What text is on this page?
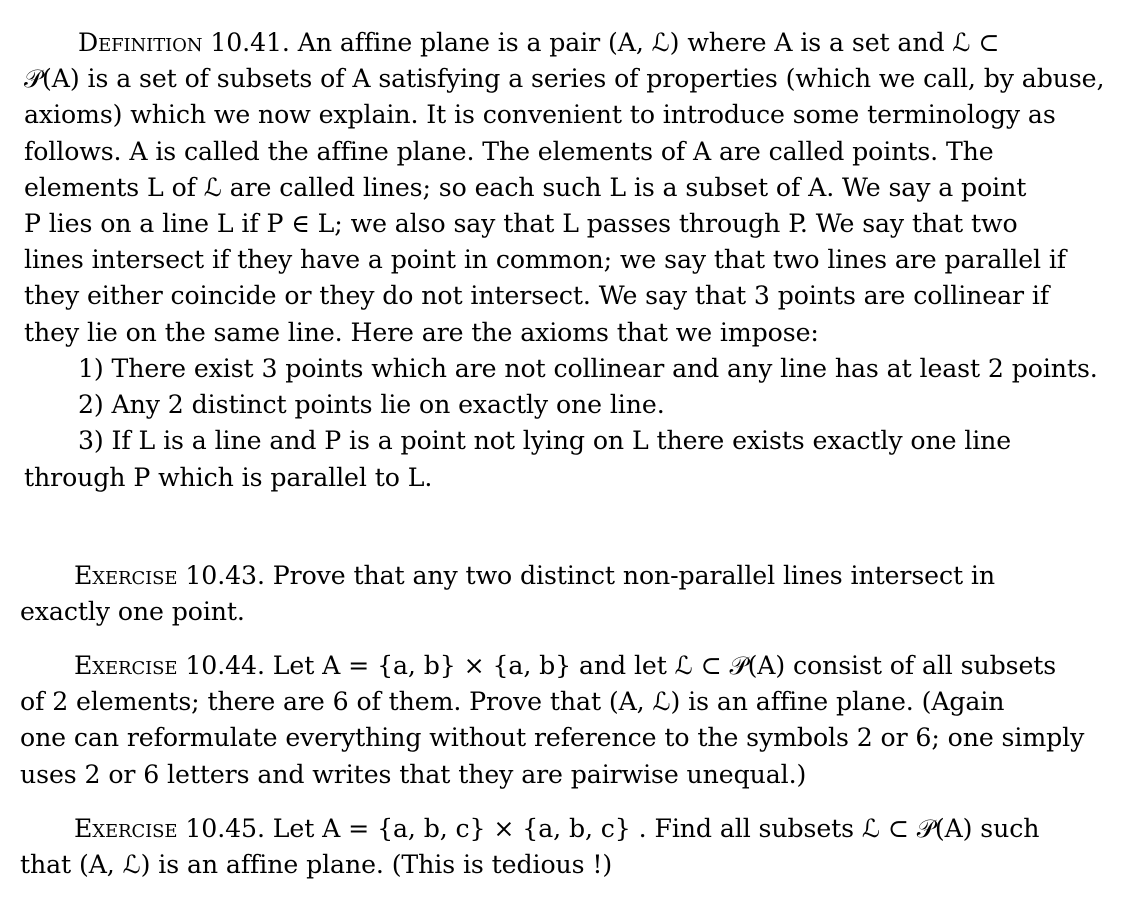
Definition 10.41. An affine plane is a pair (A, ℒ) where A is a set and ℒ ⊂
𝒫(A) is a set of subsets of A satisfying a series of properties (which we call, by abuse,
axioms) which we now explain. It is convenient to introduce some terminology as
follows. A is called the affine plane. The elements of A are called points. The
elements L of ℒ are called lines; so each such L is a subset of A. We say a point
P lies on a line L if P ∈ L; we also say that L passes through P. We say that two
lines intersect if they have a point in common; we say that two lines are parallel if
they either coincide or they do not intersect. We say that 3 points are collinear if
they lie on the same line. Here are the axioms that we impose:
1) There exist 3 points which are not collinear and any line has at least 2 points.
2) Any 2 distinct points lie on exactly one line.
3) If L is a line and P is a point not lying on L there exists exactly one line
through P which is parallel to L.
Exercise 10.43. Prove that any two distinct non-parallel lines intersect in
exactly one point.
Exercise 10.44. Let A = {a, b} × {a, b} and let ℒ ⊂ 𝒫(A) consist of all subsets
of 2 elements; there are 6 of them. Prove that (A, ℒ) is an affine plane. (Again
one can reformulate everything without reference to the symbols 2 or 6; one simply
uses 2 or 6 letters and writes that they are pairwise unequal.)
Exercise 10.45. Let A = {a, b, c} × {a, b, c} . Find all subsets ℒ ⊂ 𝒫(A) such
that (A, ℒ) is an affine plane. (This is tedious !)
